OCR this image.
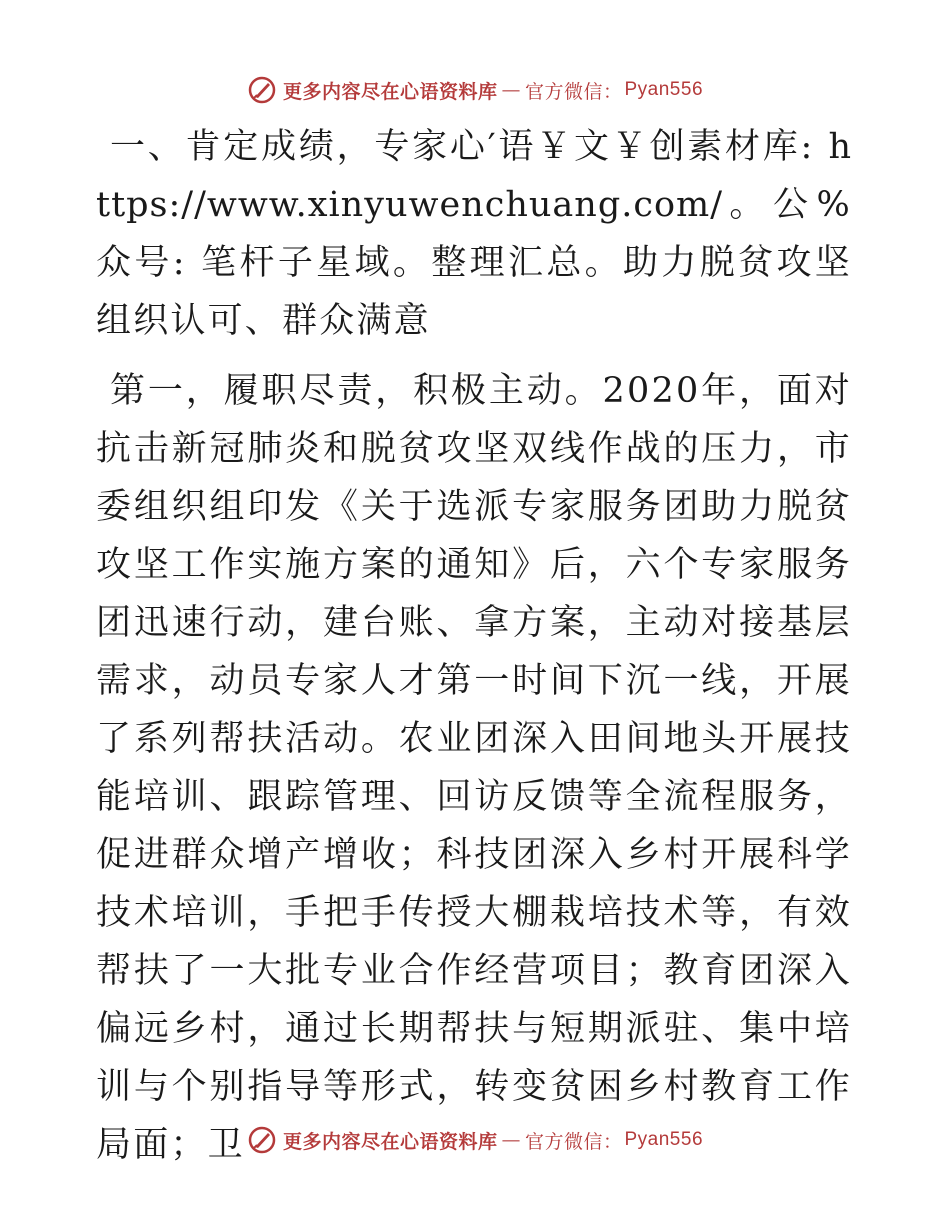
更多内容尽在心语资料库 — 官方微信： Pyan556

一、肯定成绩，专家心′语￥文￥创素材库: https://www.xinyuwenchuang.com/。公%众号: 笔杆子星域。整理汇总。助力脱贫攻坚组织认可、群众满意

第一，履职尽责，积极主动。2020年，面对抗击新冠肺炎和脱贫攻坚双线作战的压力，市委组织组印发《关于选派专家服务团助力脱贫攻坚工作实施方案的通知》后，六个专家服务团迅速行动，建台账、拿方案，主动对接基层需求，动员专家人才第一时间下沉一线，开展了系列帮扶活动。农业团深入田间地头开展技能培训、跟踪管理、回访反馈等全流程服务，促进群众增产增收；科技团深入乡村开展科学技术培训，手把手传授大棚栽培技术等，有效帮扶了一大批专业合作经营项目；教育团深入偏远乡村，通过长期帮扶与短期派驻、集中培训与个别指导等形式，转变贫困乡村教育工作局面；卫	更多内容尽在心语资料库 — 官方微信： Pyan556
